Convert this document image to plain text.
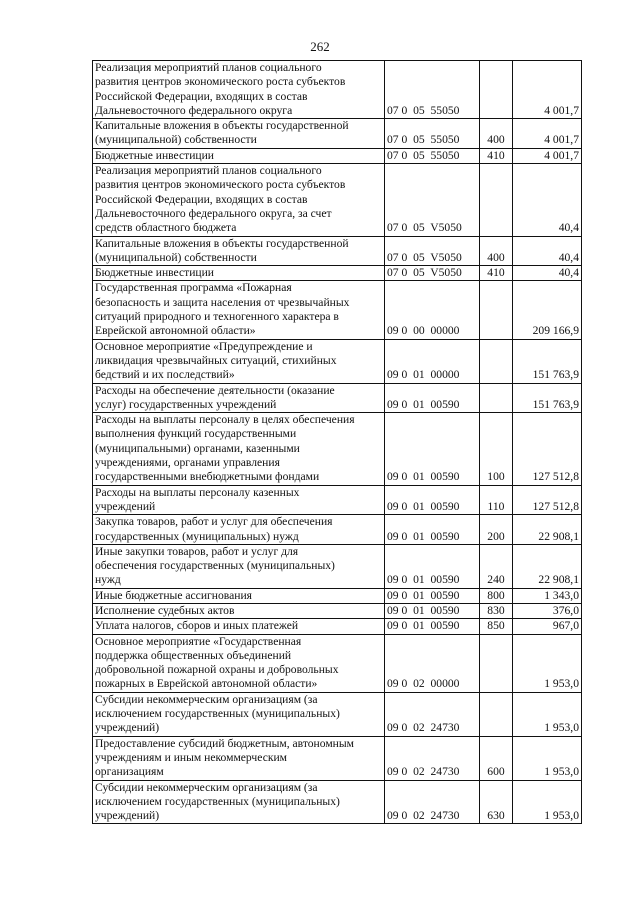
262
Реализация мероприятий планов социального
развития центров экономического роста субъектов
Российской Федерации, входящих в состав
Дальневосточного федерального округа	07 0  05  55050		4 001,7

Капитальные вложения в объекты государственной
(муниципальной) собственности	07 0  05  55050	400	4 001,7

Бюджетные инвестиции	07 0  05  55050	410	4 001,7

Реализация мероприятий планов социального
развития центров экономического роста субъектов
Российской Федерации, входящих в состав
Дальневосточного федерального округа, за счет
средств областного бюджета	07 0  05  V5050		40,4

Капитальные вложения в объекты государственной
(муниципальной) собственности	07 0  05  V5050	400	40,4

Бюджетные инвестиции	07 0  05  V5050	410	40,4

Государственная программа «Пожарная
безопасность и защита населения от чрезвычайных
ситуаций природного и техногенного характера в
Еврейской автономной области»	09 0  00  00000		209 166,9

Основное мероприятие «Предупреждение и
ликвидация чрезвычайных ситуаций, стихийных
бедствий и их последствий»	09 0  01  00000		151 763,9

Расходы на обеспечение деятельности (оказание
услуг) государственных учреждений	09 0  01  00590		151 763,9

Расходы на выплаты персоналу в целях обеспечения
выполнения функций государственными
(муниципальными) органами, казенными
учреждениями, органами управления
государственными внебюджетными фондами	09 0  01  00590	100	127 512,8

Расходы на выплаты персоналу казенных
учреждений	09 0  01  00590	110	127 512,8

Закупка товаров, работ и услуг для обеспечения
государственных (муниципальных) нужд	09 0  01  00590	200	22 908,1

Иные закупки товаров, работ и услуг для
обеспечения государственных (муниципальных)
нужд	09 0  01  00590	240	22 908,1

Иные бюджетные ассигнования	09 0  01  00590	800	1 343,0

Исполнение судебных актов	09 0  01  00590	830	376,0

Уплата налогов, сборов и иных платежей	09 0  01  00590	850	967,0

Основное мероприятие «Государственная
поддержка общественных объединений
добровольной пожарной охраны и добровольных
пожарных в Еврейской автономной области»	09 0  02  00000		1 953,0

Субсидии некоммерческим организациям (за
исключением государственных (муниципальных)
учреждений)	09 0  02  24730		1 953,0

Предоставление субсидий бюджетным, автономным
учреждениям и иным некоммерческим
организациям	09 0  02  24730	600	1 953,0

Субсидии некоммерческим организациям (за
исключением государственных (муниципальных)
учреждений)	09 0  02  24730	630	1 953,0
